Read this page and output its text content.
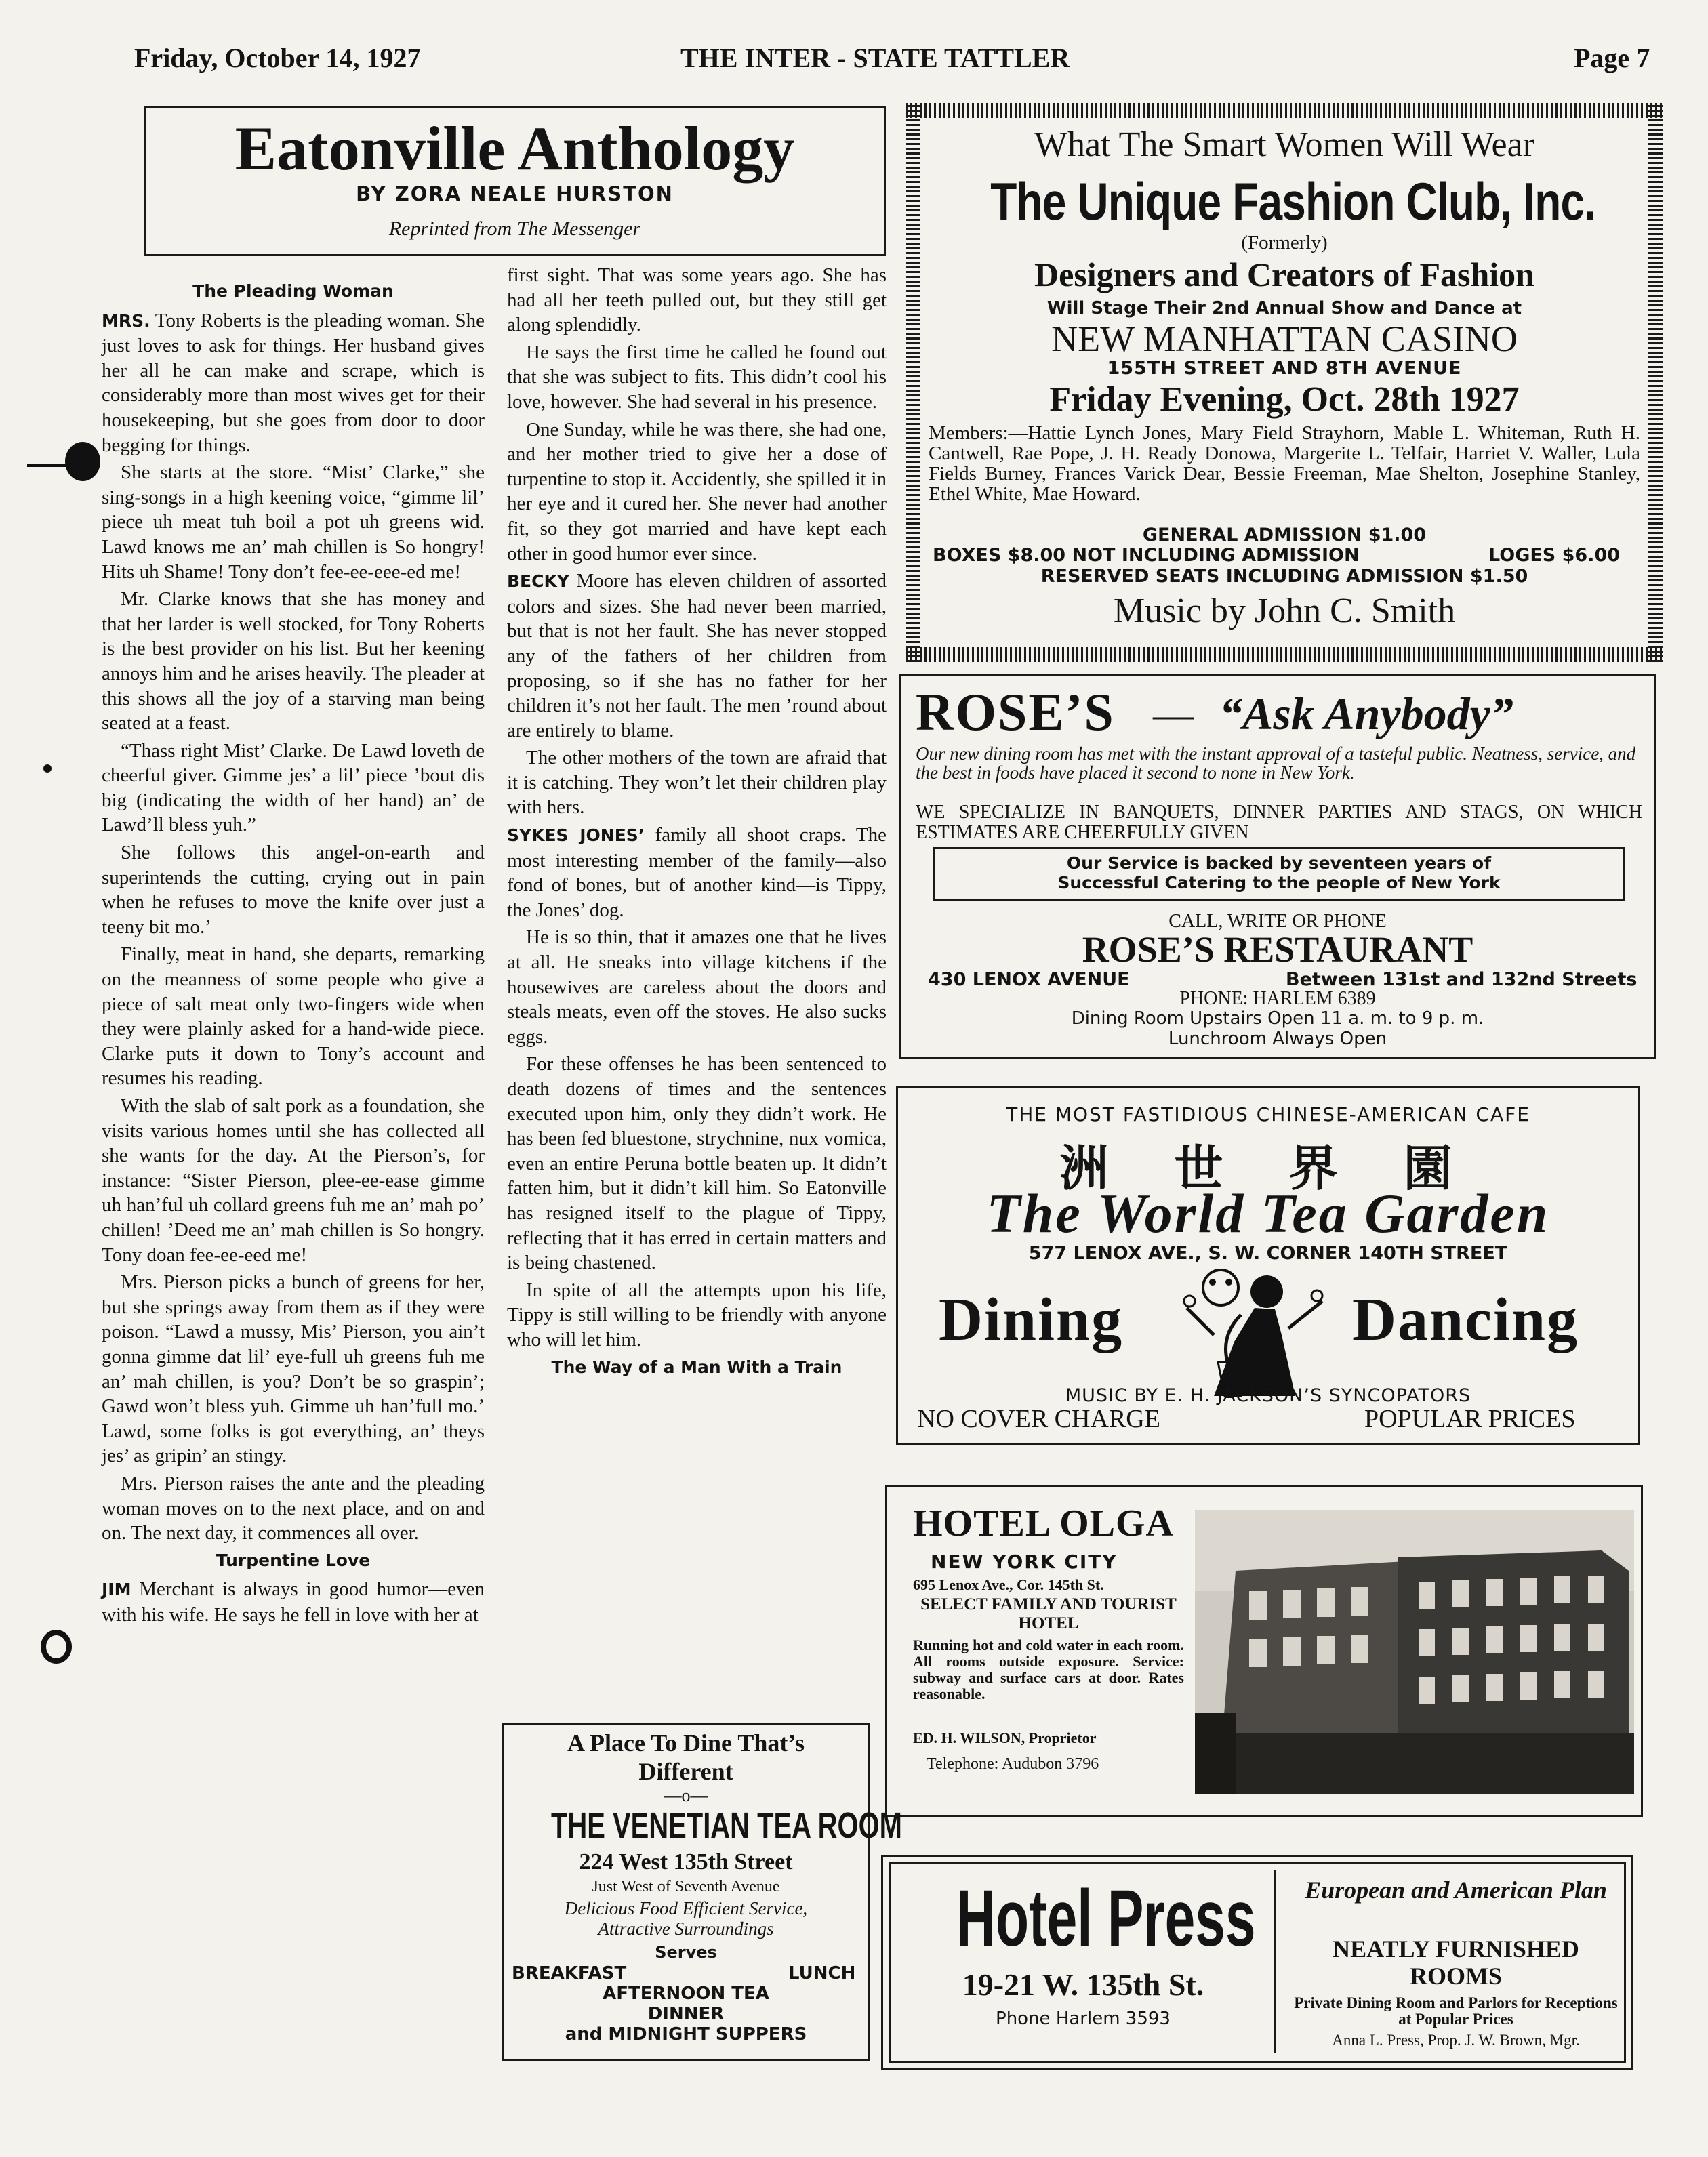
Friday, October 14, 1927	THE INTER - STATE TATTLER	Page 7
Eatonville Anthology
BY ZORA NEALE HURSTON
Reprinted from The Messenger

The Pleading Woman

MRS. Tony Roberts is the pleading woman. She just loves to ask for things. Her husband gives her all he can make and scrape, which is considerably more than most wives get for their housekeeping, but she goes from door to door begging for things.

She starts at the store. “Mist’ Clarke,” she sing-songs in a high keening voice, “gimme lil’ piece uh meat tuh boil a pot uh greens wid. Lawd knows me an’ mah chillen is So hongry! Hits uh Shame! Tony don’t fee-ee-eee-ed me!

Mr. Clarke knows that she has money and that her larder is well stocked, for Tony Roberts is the best provider on his list. But her keening annoys him and he arises heavily. The pleader at this shows all the joy of a starving man being seated at a feast.

“Thass right Mist’ Clarke. De Lawd loveth de cheerful giver. Gimme jes’ a lil’ piece ’bout dis big (indicating the width of her hand) an’ de Lawd’ll bless yuh.”

She follows this angel-on-earth and superintends the cutting, crying out in pain when he refuses to move the knife over just a teeny bit mo.’

Finally, meat in hand, she departs, remarking on the meanness of some people who give a piece of salt meat only two-fingers wide when they were plainly asked for a hand-wide piece. Clarke puts it down to Tony’s account and resumes his reading.

With the slab of salt pork as a foundation, she visits various homes until she has collected all she wants for the day. At the Pierson’s, for instance: “Sister Pierson, plee-ee-ease gimme uh han’ful uh collard greens fuh me an’ mah po’ chillen! ’Deed me an’ mah chillen is So hongry. Tony doan fee-ee-eed me!

Mrs. Pierson picks a bunch of greens for her, but she springs away from them as if they were poison. “Lawd a mussy, Mis’ Pierson, you ain’t gonna gimme dat lil’ eye-full uh greens fuh me an’ mah chillen, is you? Don’t be so graspin’; Gawd won’t bless yuh. Gimme uh han’full mo.’ Lawd, some folks is got everything, an’ theys jes’ as gripin’ an stingy.

Mrs. Pierson raises the ante and the pleading woman moves on to the next place, and on and on. The next day, it commences all over.

Turpentine Love

JIM Merchant is always in good humor—even with his wife. He says he fell in love with her at

first sight. That was some years ago. She has had all her teeth pulled out, but they still get along splendidly.

He says the first time he called he found out that she was subject to fits. This didn’t cool his love, however. She had several in his presence.

One Sunday, while he was there, she had one, and her mother tried to give her a dose of turpentine to stop it. Accidently, she spilled it in her eye and it cured her. She never had another fit, so they got married and have kept each other in good humor ever since.

BECKY Moore has eleven children of assorted colors and sizes. She had never been married, but that is not her fault. She has never stopped any of the fathers of her children from proposing, so if she has no father for her children it’s not her fault. The men ’round about are entirely to blame.

The other mothers of the town are afraid that it is catching. They won’t let their children play with hers.

SYKES JONES’ family all shoot craps. The most interesting member of the family—also fond of bones, but of another kind—is Tippy, the Jones’ dog.

He is so thin, that it amazes one that he lives at all. He sneaks into village kitchens if the housewives are careless about the doors and steals meats, even off the stoves. He also sucks eggs.

For these offenses he has been sentenced to death dozens of times and the sentences executed upon him, only they didn’t work. He has been fed bluestone, strychnine, nux vomica, even an entire Peruna bottle beaten up. It didn’t fatten him, but it didn’t kill him. So Eatonville has resigned itself to the plague of Tippy, reflecting that it has erred in certain matters and is being chastened.

In spite of all the attempts upon his life, Tippy is still willing to be friendly with anyone who will let him.

The Way of a Man With a Train

What The Smart Women Will Wear
The Unique Fashion Club, Inc.
(Formerly)
Designers and Creators of Fashion
Will Stage Their 2nd Annual Show and Dance at
NEW MANHATTAN CASINO
155TH STREET AND 8TH AVENUE
Friday Evening, Oct. 28th 1927
Members:—Hattie Lynch Jones, Mary Field Strayhorn, Mable L. Whiteman, Ruth H. Cantwell, Rae Pope, J. H. Ready Donowa, Margerite L. Telfair, Harriet V. Waller, Lula Fields Burney, Frances Varick Dear, Bessie Freeman, Mae Shelton, Josephine Stanley, Ethel White, Mae Howard.
GENERAL ADMISSION $1.00
BOXES $8.00 NOT INCLUDING ADMISSION	LOGES $6.00
RESERVED SEATS INCLUDING ADMISSION $1.50
Music by John C. Smith
ROSE’S — “Ask Anybody”
Our new dining room has met with the instant approval of a tasteful public. Neatness, service, and the best in foods have placed it second to none in New York.
WE SPECIALIZE IN BANQUETS, DINNER PARTIES AND STAGS, ON WHICH ESTIMATES ARE CHEERFULLY GIVEN
Our Service is backed by seventeen years of
Successful Catering to the people of New York
CALL, WRITE OR PHONE
ROSE’S RESTAURANT
430 LENOX AVENUE	Between 131st and 132nd Streets
PHONE: HARLEM 6389
Dining Room Upstairs Open 11 a. m. to 9 p. m.
Lunchroom Always Open
THE MOST FASTIDIOUS CHINESE-AMERICAN CAFE
洲 世 界 園
The World Tea Garden
577 LENOX AVE., S. W. CORNER 140TH STREET
Dining	Dancing
MUSIC BY E. H. JACKSON’S SYNCOPATORS
NO COVER CHARGE	POPULAR PRICES
HOTEL OLGA
NEW YORK CITY
695 Lenox Ave., Cor. 145th St.
SELECT FAMILY AND TOURIST HOTEL
Running hot and cold water in each room. All rooms outside exposure. Service: subway and surface cars at door. Rates reasonable.
ED. H. WILSON, Proprietor
Telephone: Audubon 3796
A Place To Dine That’s
Different
—o—
THE VENETIAN TEA ROOM
224 West 135th Street
Just West of Seventh Avenue
Delicious Food Efficient Service,
Attractive Surroundings
Serves
BREAKFAST	LUNCH
AFTERNOON TEA
DINNER
and MIDNIGHT SUPPERS
Hotel Press
19-21 W. 135th St.
Phone Harlem 3593
European and American Plan
NEATLY FURNISHED ROOMS
Private Dining Room and Parlors for Receptions at Popular Prices
Anna L. Press, Prop. J. W. Brown, Mgr.
